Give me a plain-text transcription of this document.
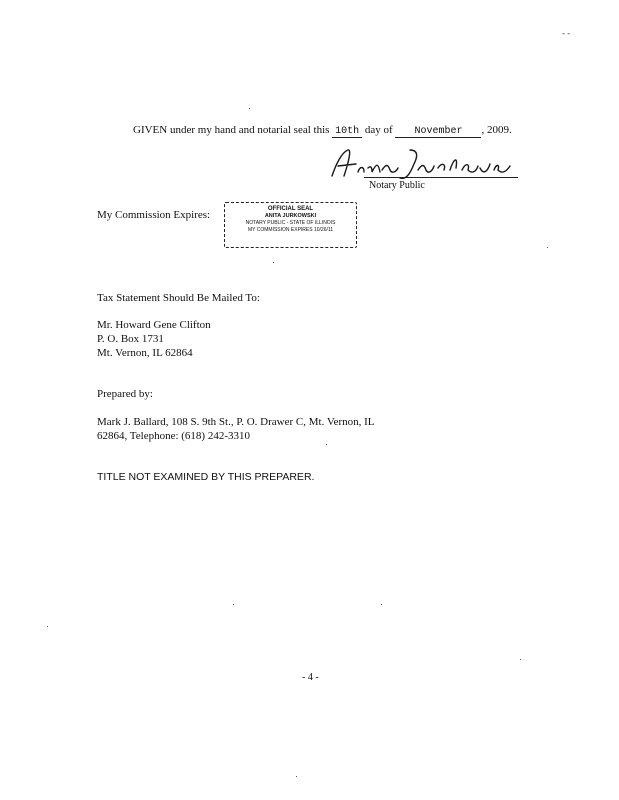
- -
GIVEN under my hand and notarial seal this 10th day of November , 2009.
Notary Public
My Commission Expires:	OFFICIAL SEAL
ANITA JURKOWSKI
NOTARY PUBLIC - STATE OF ILLINOIS
MY COMMISSION EXPIRES 10/26/11
Tax Statement Should Be Mailed To:
Mr. Howard Gene Clifton
P. O. Box 1731
Mt. Vernon, IL 62864
Prepared by:
Mark J. Ballard, 108 S. 9th St., P. O. Drawer C, Mt. Vernon, IL
62864, Telephone: (618) 242-3310
TITLE NOT EXAMINED BY THIS PREPARER.
- 4 -
